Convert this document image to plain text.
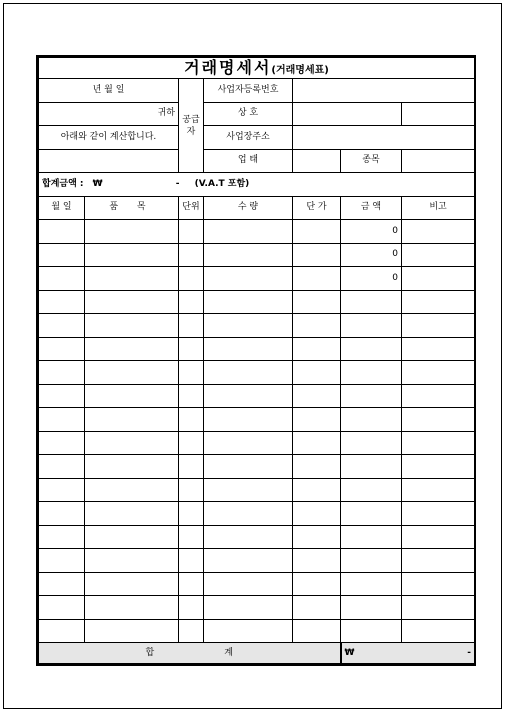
거래명세서(거래명세표)						
년 월 일		공급자	사업자등록번호			
귀하			상 호			
아래와 같이 계산합니다.			사업장주소			
			업 태		종목	
합계금액 : ₩ - (V.A.T 포함)						
월 일	품 목	단위	수 량	단 가	금 액	비고
					0	
					0	
					0	

합 계					₩ -	
